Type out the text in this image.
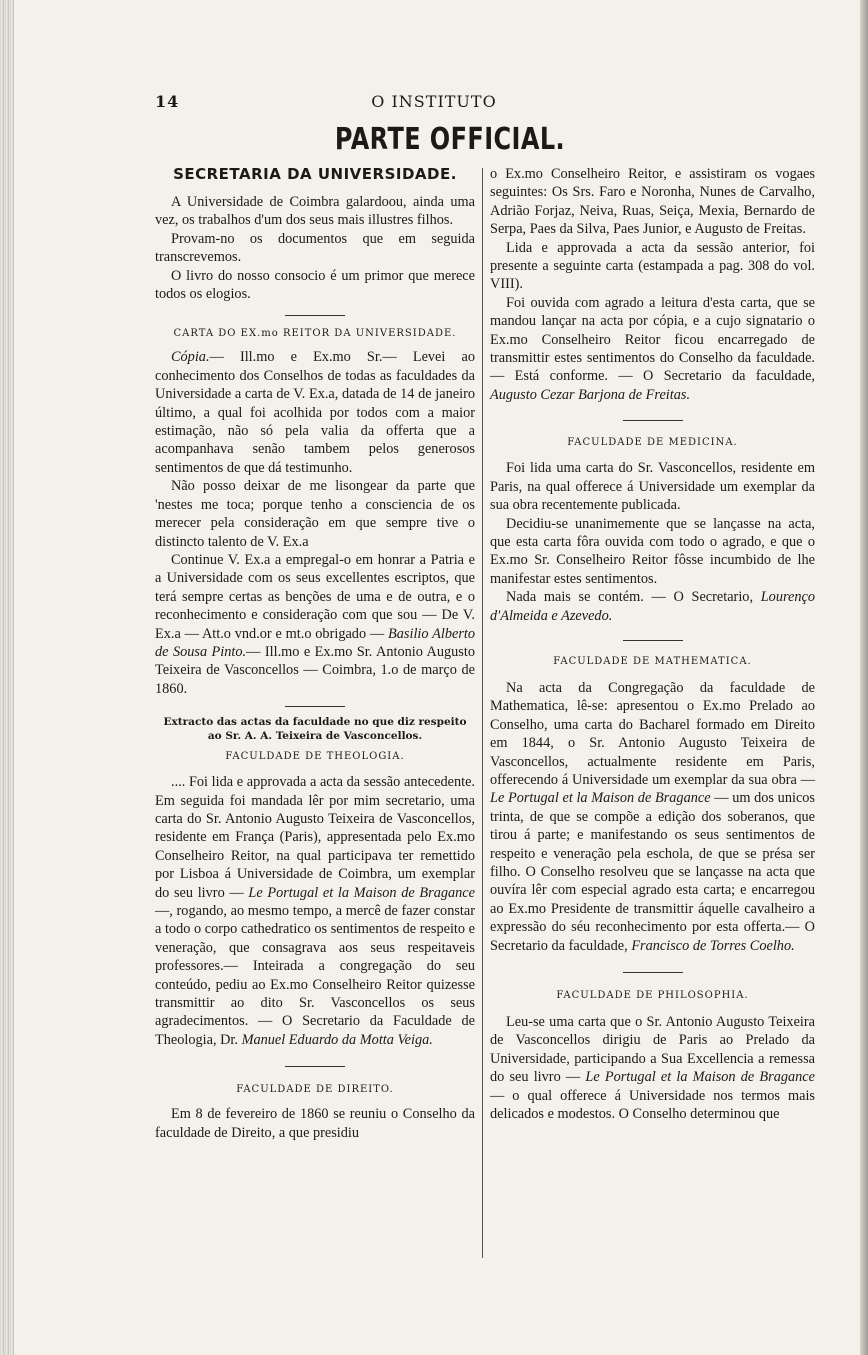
14	O INSTITUTO
PARTE OFFICIAL.
SECRETARIA DA UNIVERSIDADE.

A Universidade de Coimbra galardoou, ainda uma vez, os trabalhos d'um dos seus mais illustres filhos.

Provam-no os documentos que em seguida transcrevemos.

O livro do nosso consocio é um primor que merece todos os elogios.

CARTA DO EX.mo REITOR DA UNIVERSIDADE.

Cópia.— Ill.mo e Ex.mo Sr.— Levei ao conhecimento dos Conselhos de todas as faculdades da Universidade a carta de V. Ex.a, datada de 14 de janeiro último, a qual foi acolhida por todos com a maior estimação, não só pela valia da offerta que a acompanhava senão tambem pelos generosos sentimentos de que dá testimunho.

Não posso deixar de me lisongear da parte que 'nestes me toca; porque tenho a consciencia de os merecer pela consideração em que sempre tive o distincto talento de V. Ex.a

Continue V. Ex.a a empregal-o em honrar a Patria e a Universidade com os seus excellentes escriptos, que terá sempre certas as benções de uma e de outra, e o reconhecimento e consideração com que sou — De V. Ex.a — Att.o vnd.or e mt.o obrigado — Basilio Alberto de Sousa Pinto.— Ill.mo e Ex.mo Sr. Antonio Augusto Teixeira de Vasconcellos — Coimbra, 1.o de março de 1860.

Extracto das actas da faculdade no que diz respeito ao Sr. A. A. Teixeira de Vasconcellos.
FACULDADE DE THEOLOGIA.

.... Foi lida e approvada a acta da sessão antecedente. Em seguida foi mandada lêr por mim secretario, uma carta do Sr. Antonio Augusto Teixeira de Vasconcellos, residente em França (Paris), appresentada pelo Ex.mo Conselheiro Reitor, na qual participava ter remettido por Lisboa á Universidade de Coimbra, um exemplar do seu livro — Le Portugal et la Maison de Bragance—, rogando, ao mesmo tempo, a mercê de fazer constar a todo o corpo cathedratico os sentimentos de respeito e veneração, que consagrava aos seus respeitaveis professores.— Inteirada a congregação do seu conteúdo, pediu ao Ex.mo Conselheiro Reitor quizesse transmittir ao dito Sr. Vasconcellos os seus agradecimentos. — O Secretario da Faculdade de Theologia, Dr. Manuel Eduardo da Motta Veiga.

FACULDADE DE DIREITO.

Em 8 de fevereiro de 1860 se reuniu o Conselho da faculdade de Direito, a que presidiu

o Ex.mo Conselheiro Reitor, e assistiram os vogaes seguintes: Os Srs. Faro e Noronha, Nunes de Carvalho, Adrião Forjaz, Neiva, Ruas, Seiça, Mexia, Bernardo de Serpa, Paes da Silva, Paes Junior, e Augusto de Freitas.

Lida e approvada a acta da sessão anterior, foi presente a seguinte carta (estampada a pag. 308 do vol. VIII).

Foi ouvida com agrado a leitura d'esta carta, que se mandou lançar na acta por cópia, e a cujo signatario o Ex.mo Conselheiro Reitor ficou encarregado de transmittir estes sentimentos do Conselho da faculdade.— Está conforme. — O Secretario da faculdade, Augusto Cezar Barjona de Freitas.

FACULDADE DE MEDICINA.

Foi lida uma carta do Sr. Vasconcellos, residente em Paris, na qual offerece á Universidade um exemplar da sua obra recentemente publicada.

Decidiu-se unanimemente que se lançasse na acta, que esta carta fôra ouvida com todo o agrado, e que o Ex.mo Sr. Conselheiro Reitor fôsse incumbido de lhe manifestar estes sentimentos.

Nada mais se contém. — O Secretario, Lourenço d'Almeida e Azevedo.

FACULDADE DE MATHEMATICA.

Na acta da Congregação da faculdade de Mathematica, lê-se: apresentou o Ex.mo Prelado ao Conselho, uma carta do Bacharel formado em Direito em 1844, o Sr. Antonio Augusto Teixeira de Vasconcellos, actualmente residente em Paris, offerecendo á Universidade um exemplar da sua obra — Le Portugal et la Maison de Bragance — um dos unicos trinta, de que se compõe a edição dos soberanos, que tirou á parte; e manifestando os seus sentimentos de respeito e veneração pela eschola, de que se présa ser filho. O Conselho resolveu que se lançasse na acta que ouvíra lêr com especial agrado esta carta; e encarregou ao Ex.mo Presidente de transmittir áquelle cavalheiro a expressão do séu reconhecimento por esta offerta.— O Secretario da faculdade, Francisco de Torres Coelho.

FACULDADE DE PHILOSOPHIA.

Leu-se uma carta que o Sr. Antonio Augusto Teixeira de Vasconcellos dirigiu de Paris ao Prelado da Universidade, participando a Sua Excellencia a remessa do seu livro — Le Portugal et la Maison de Bragance — o qual offerece á Universidade nos termos mais delicados e modestos. O Conselho determinou que
